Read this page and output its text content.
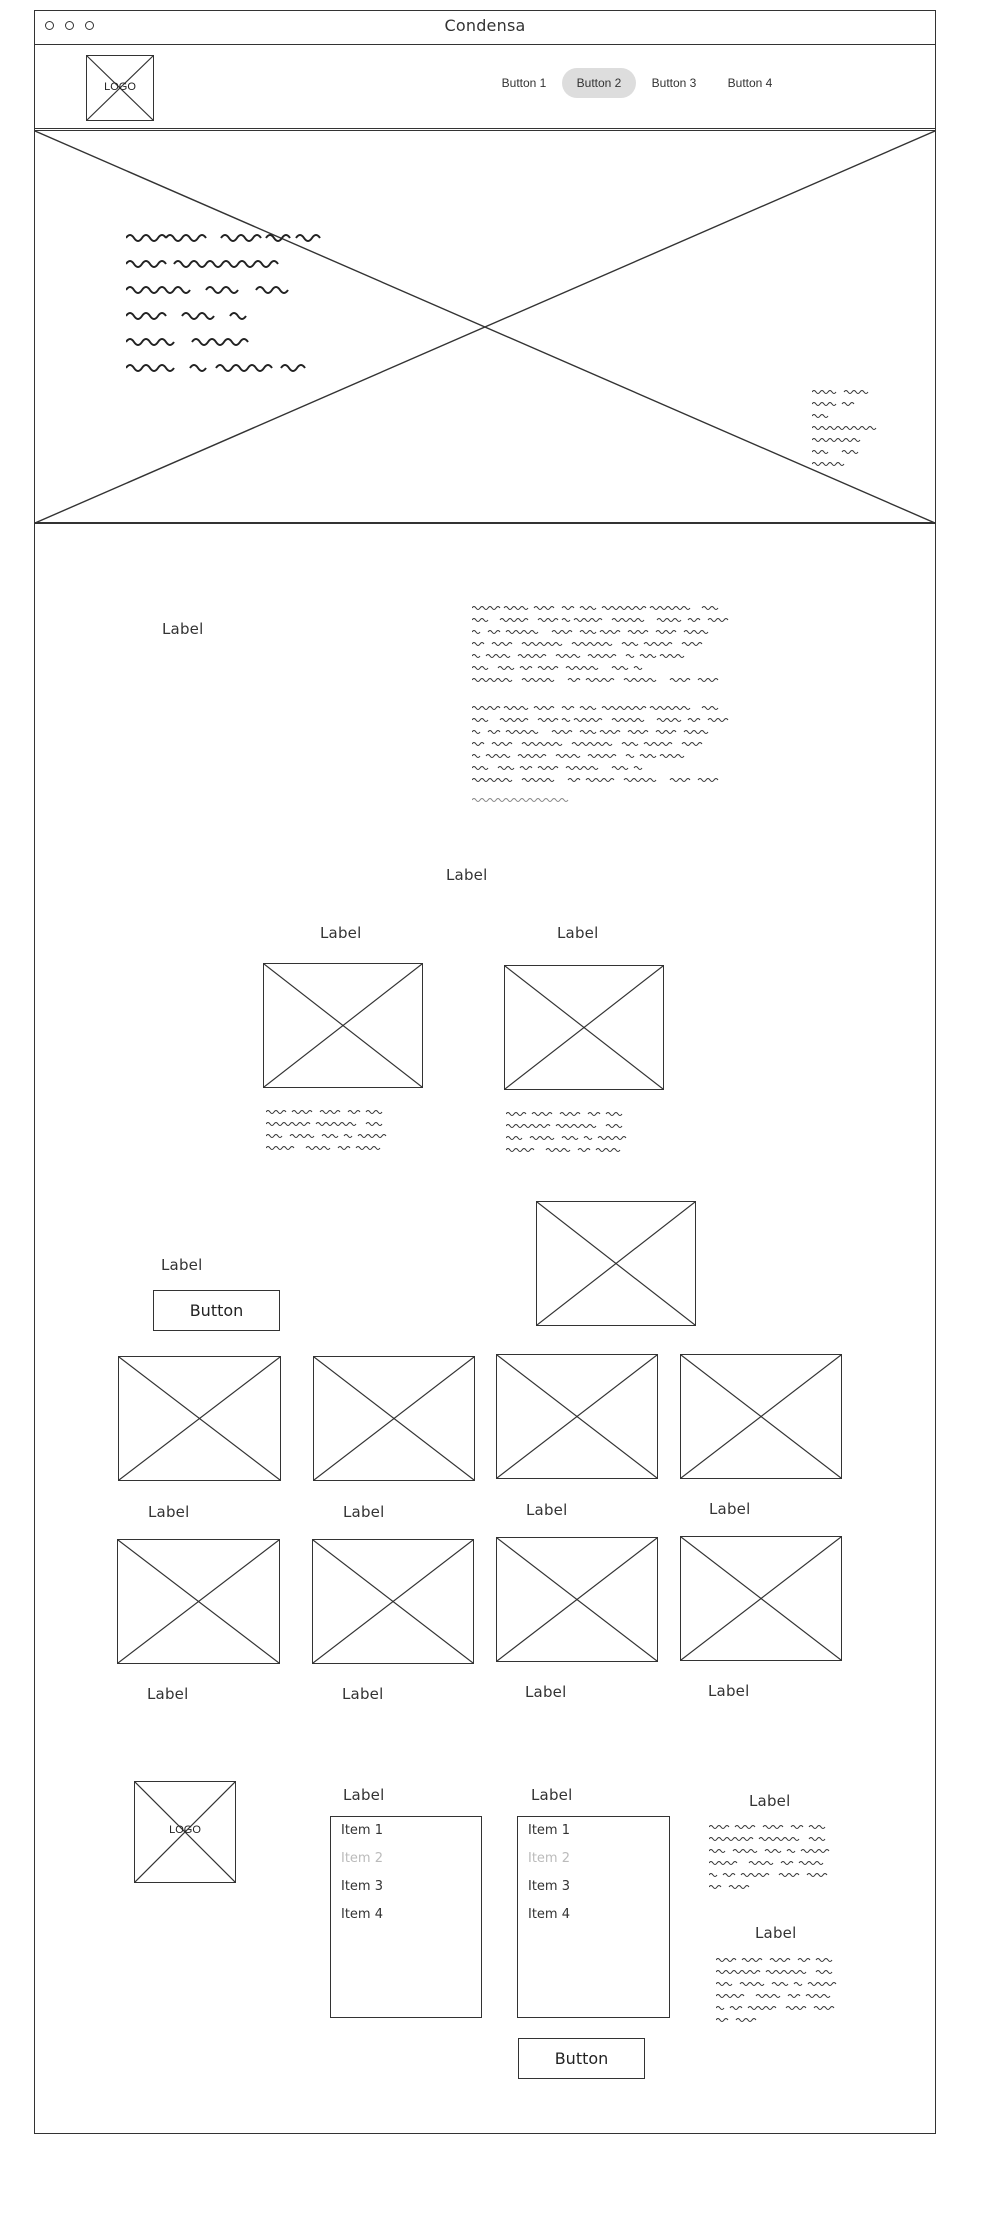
Condensa
LOGO	Button 1	Button 2	Button 3	Button 4
Label
Label
Label	Label
Label
Button
Label	Label	Label	Label
Label	Label	Label	Label
LOGO
Label
Item 1
Item 2
Item 3
Item 4
Label
Item 1
Item 2
Item 3
Item 4
Button
Label
Label
